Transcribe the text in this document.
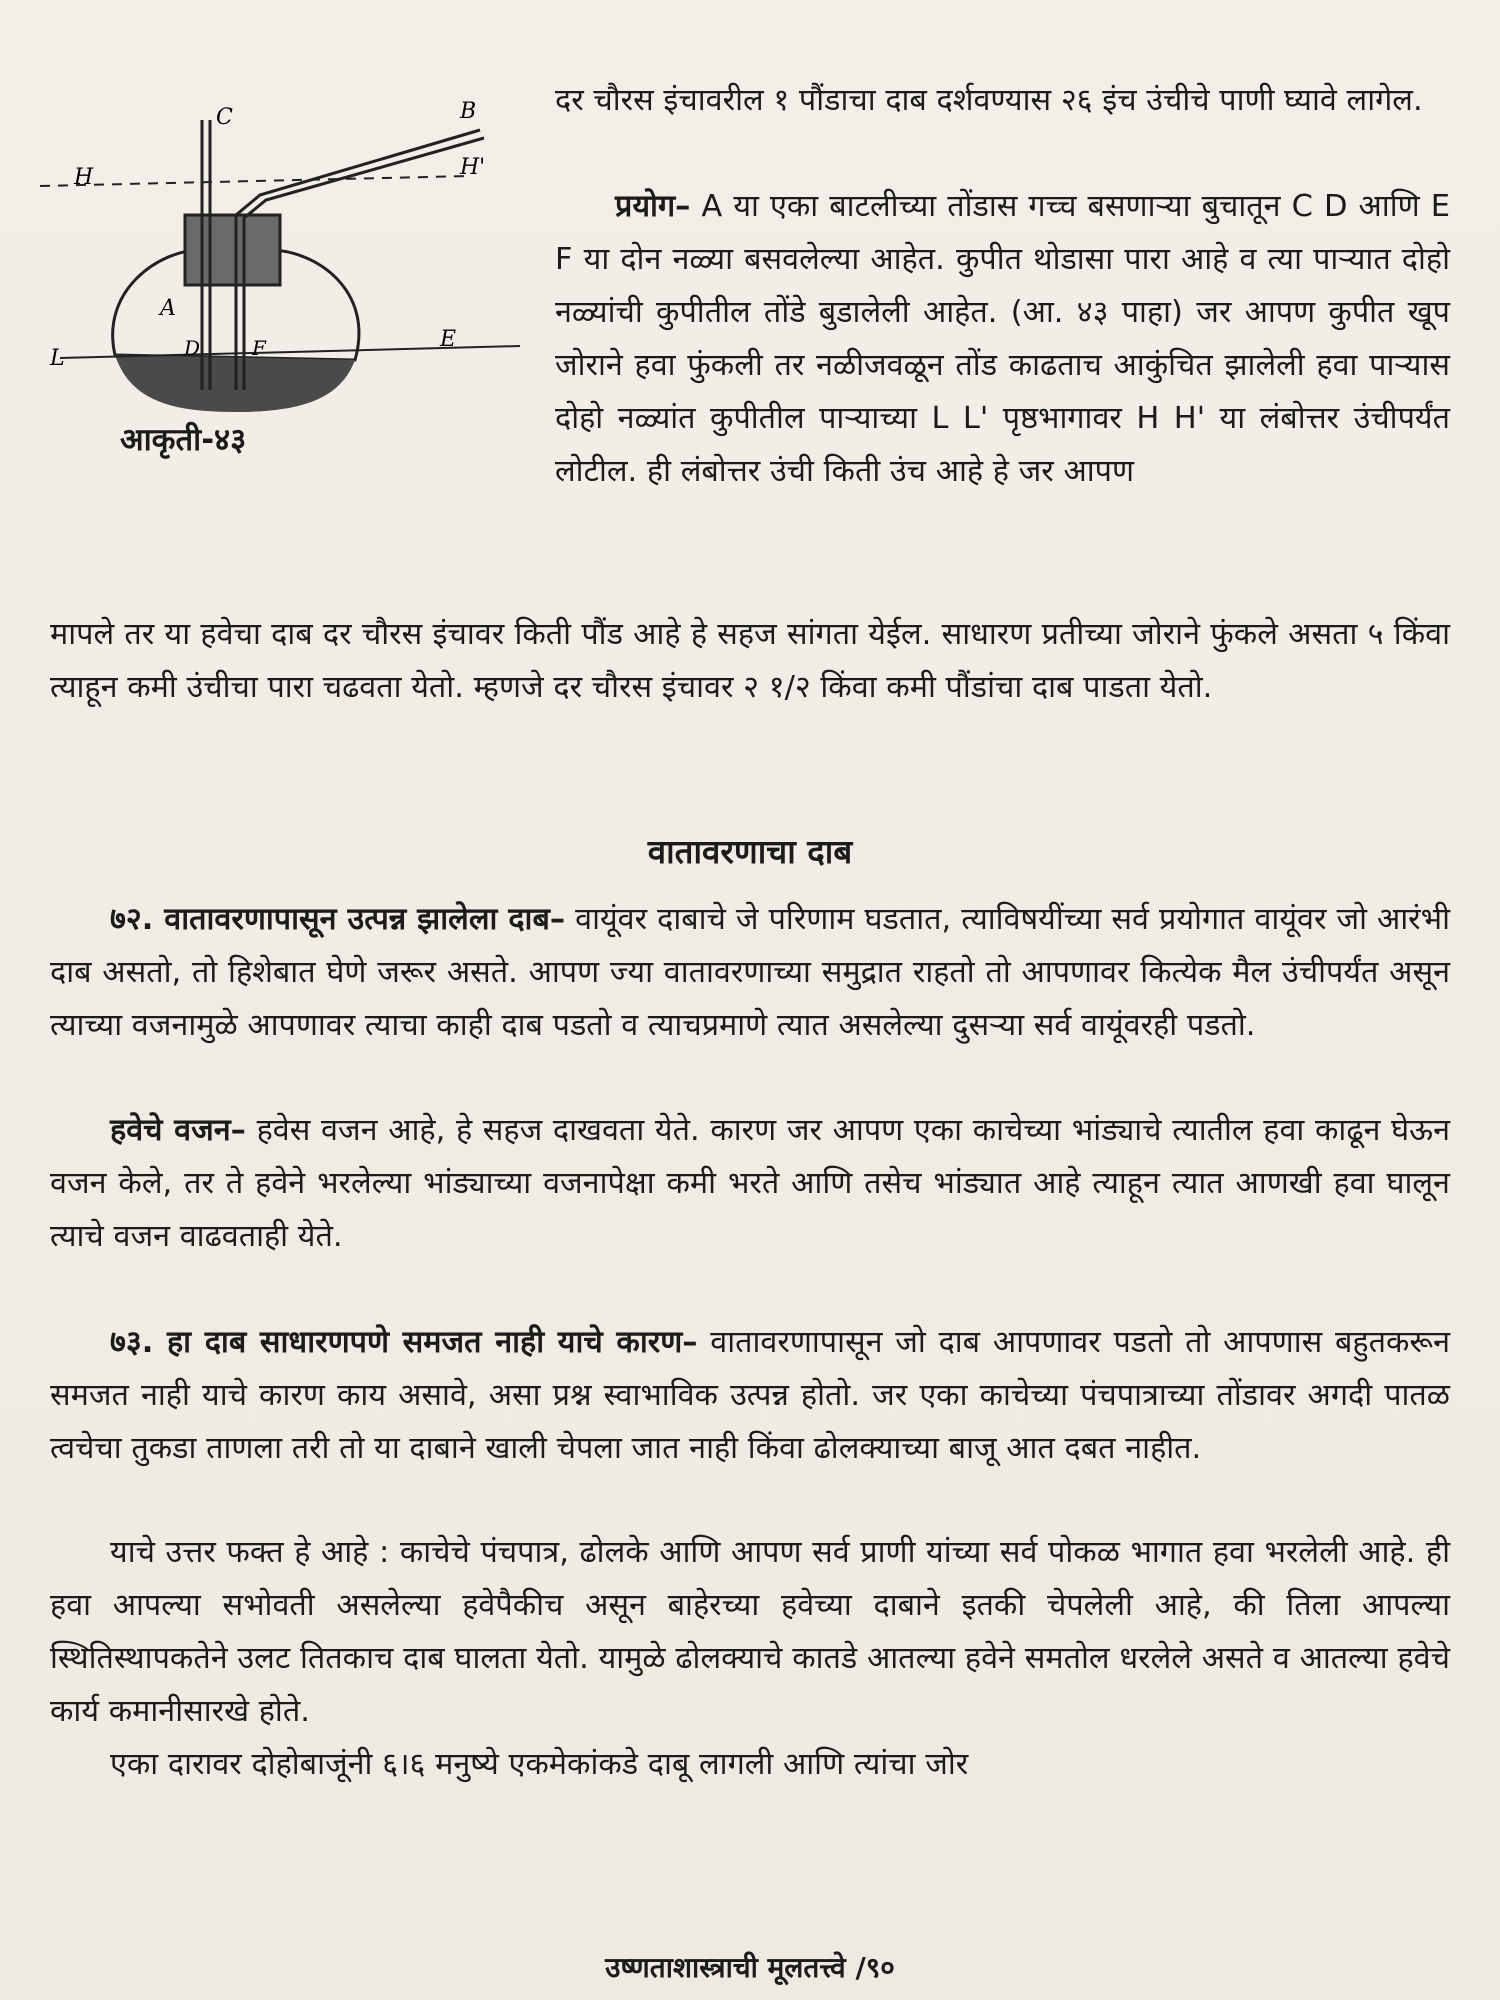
C	B
H	H'
A
D	F
L
E
आकृती-४३

दर चौरस इंचावरील १ पौंडाचा दाब दर्शवण्यास २६ इंच उंचीचे पाणी घ्यावे लागेल.

प्रयोग– A या एका बाटलीच्या तोंडास गच्च बसणाऱ्या बुचातून C D आणि E F या दोन नळ्या बसवलेल्या आहेत. कुपीत थोडासा पारा आहे व त्या पाऱ्यात दोहो नळ्यांची कुपीतील तोंडे बुडालेली आहेत. (आ. ४३ पाहा) जर आपण कुपीत खूप जोराने हवा फुंकली तर नळीजवळून तोंड काढताच आकुंचित झालेली हवा पाऱ्यास दोहो नळ्यांत कुपीतील पाऱ्याच्या L L' पृष्ठभागावर H H' या लंबोत्तर उंचीपर्यंत लोटील. ही लंबोत्तर उंची किती उंच आहे हे जर आपण

मापले तर या हवेचा दाब दर चौरस इंचावर किती पौंड आहे हे सहज सांगता येईल. साधारण प्रतीच्या जोराने फुंकले असता ५ किंवा त्याहून कमी उंचीचा पारा चढवता येतो. म्हणजे दर चौरस इंचावर २ १/२ किंवा कमी पौंडांचा दाब पाडता येतो.

वातावरणाचा दाब

७२. वातावरणापासून उत्पन्न झालेला दाब– वायूंवर दाबाचे जे परिणाम घडतात, त्याविषयींच्या सर्व प्रयोगात वायूंवर जो आरंभी दाब असतो, तो हिशेबात घेणे जरूर असते. आपण ज्या वातावरणाच्या समुद्रात राहतो तो आपणावर कित्येक मैल उंचीपर्यंत असून त्याच्या वजनामुळे आपणावर त्याचा काही दाब पडतो व त्याचप्रमाणे त्यात असलेल्या दुसऱ्या सर्व वायूंवरही पडतो.

हवेचे वजन– हवेस वजन आहे, हे सहज दाखवता येते. कारण जर आपण एका काचेच्या भांड्याचे त्यातील हवा काढून घेऊन वजन केले, तर ते हवेने भरलेल्या भांड्याच्या वजनापेक्षा कमी भरते आणि तसेच भांड्यात आहे त्याहून त्यात आणखी हवा घालून त्याचे वजन वाढवताही येते.

७३. हा दाब साधारणपणे समजत नाही याचे कारण– वातावरणापासून जो दाब आपणावर पडतो तो आपणास बहुतकरून समजत नाही याचे कारण काय असावे, असा प्रश्न स्वाभाविक उत्पन्न होतो. जर एका काचेच्या पंचपात्राच्या तोंडावर अगदी पातळ त्वचेचा तुकडा ताणला तरी तो या दाबाने खाली चेपला जात नाही किंवा ढोलक्याच्या बाजू आत दबत नाहीत.

याचे उत्तर फक्त हे आहे : काचेचे पंचपात्र, ढोलके आणि आपण सर्व प्राणी यांच्या सर्व पोकळ भागात हवा भरलेली आहे. ही हवा आपल्या सभोवती असलेल्या हवेपैकीच असून बाहेरच्या हवेच्या दाबाने इतकी चेपलेली आहे, की तिला आपल्या स्थितिस्थापकतेने उलट तितकाच दाब घालता येतो. यामुळे ढोलक्याचे कातडे आतल्या हवेने समतोल धरलेले असते व आतल्या हवेचे कार्य कमानीसारखे होते.

एका दारावर दोहोबाजूंनी ६।६ मनुष्ये एकमेकांकडे दाबू लागली आणि त्यांचा जोर

उष्णताशास्त्राची मूलतत्त्वे /९०
